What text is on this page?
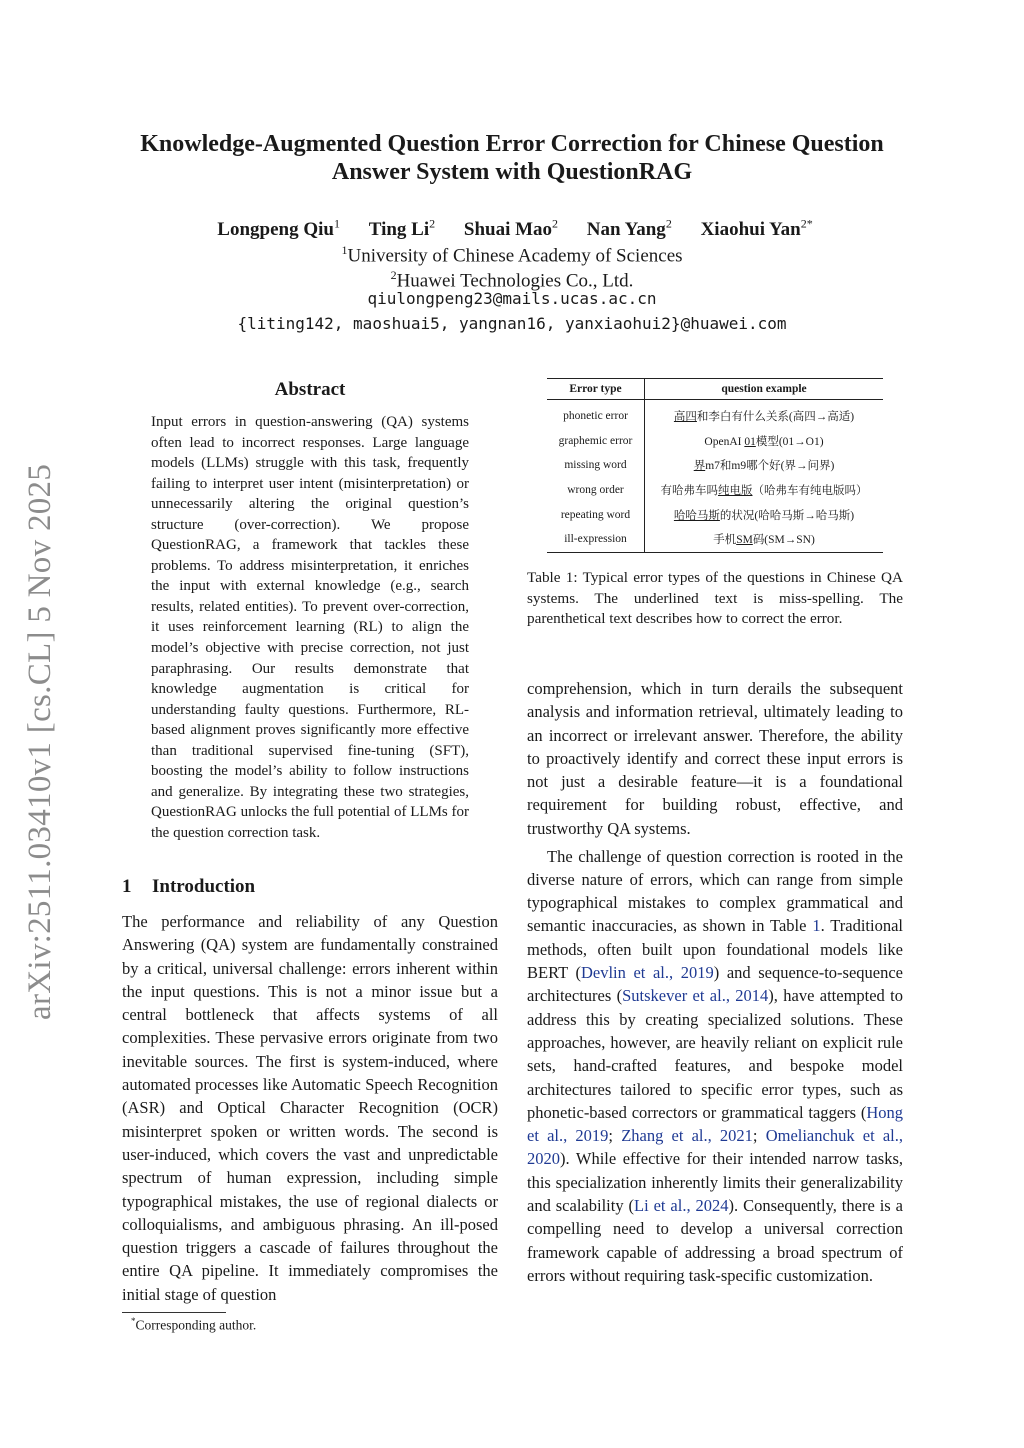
arXiv:2511.03410v1 [cs.CL] 5 Nov 2025
Knowledge-Augmented Question Error Correction for Chinese Question Answer System with QuestionRAG
Longpeng Qiu$^1$ Ting Li$^2$ Shuai Mao$^2$ Nan Yang$^2$ Xiaohui Yan$^{2*}$
$^1$University of Chinese Academy of Sciences
$^2$Huawei Technologies Co., Ltd.
qiulongpeng23@mails.ucas.ac.cn
{liting142, maoshuai5, yangnan16, yanxiaohui2}@huawei.com
Abstract
Input errors in question-answering (QA) systems often lead to incorrect responses. Large language models (LLMs) struggle with this task, frequently failing to interpret user intent (misinterpretation) or unnecessarily altering the original question’s structure (over-correction). We propose QuestionRAG, a framework that tackles these problems. To address misinterpretation, it enriches the input with external knowledge (e.g., search results, related entities). To prevent over-correction, it uses reinforcement learning (RL) to align the model’s objective with precise correction, not just paraphrasing. Our results demonstrate that knowledge augmentation is critical for understanding faulty questions. Furthermore, RL-based alignment proves significantly more effective than traditional supervised fine-tuning (SFT), boosting the model’s ability to follow instructions and generalize. By integrating these two strategies, QuestionRAG unlocks the full potential of LLMs for the question correction task.
1 Introduction

The performance and reliability of any Question Answering (QA) system are fundamentally constrained by a critical, universal challenge: errors inherent within the input questions. This is not a minor issue but a central bottleneck that affects systems of all complexities. These pervasive errors originate from two inevitable sources. The first is system-induced, where automated processes like Automatic Speech Recognition (ASR) and Optical Character Recognition (OCR) misinterpret spoken or written words. The second is user-induced, which covers the vast and unpredictable spectrum of human expression, including simple typographical mistakes, the use of regional dialects or colloquialisms, and ambiguous phrasing. An ill-posed question triggers a cascade of failures throughout the entire QA pipeline. It immediately compromises the initial stage of question

*Corresponding author.
Error type	question example
phonetic error	高四和李白有什么关系(高四→高适)
graphemic error	OpenAI 01模型(01→O1)
missing word	界m7和m9哪个好(界→问界)
wrong order	有哈弗车吗纯电版（哈弗车有纯电版吗）
repeating word	哈哈马斯的状况(哈哈马斯→哈马斯)
ill-expression	手机SM码(SM→SN)
Table 1: Typical error types of the questions in Chinese QA systems. The underlined text is miss-spelling. The parenthetical text describes how to correct the error.

comprehension, which in turn derails the subsequent analysis and information retrieval, ultimately leading to an incorrect or irrelevant answer. Therefore, the ability to proactively identify and correct these input errors is not just a desirable feature—it is a foundational requirement for building robust, effective, and trustworthy QA systems.

The challenge of question correction is rooted in the diverse nature of errors, which can range from simple typographical mistakes to complex grammatical and semantic inaccuracies, as shown in Table 1. Traditional methods, often built upon foundational models like BERT (Devlin et al., 2019) and sequence-to-sequence architectures (Sutskever et al., 2014), have attempted to address this by creating specialized solutions. These approaches, however, are heavily reliant on explicit rule sets, hand-crafted features, and bespoke model architectures tailored to specific error types, such as phonetic-based correctors or grammatical taggers (Hong et al., 2019; Zhang et al., 2021; Omelianchuk et al., 2020). While effective for their intended narrow tasks, this specialization inherently limits their generalizability and scalability (Li et al., 2024). Consequently, there is a compelling need to develop a universal correction framework capable of addressing a broad spectrum of errors without requiring task-specific customization.
